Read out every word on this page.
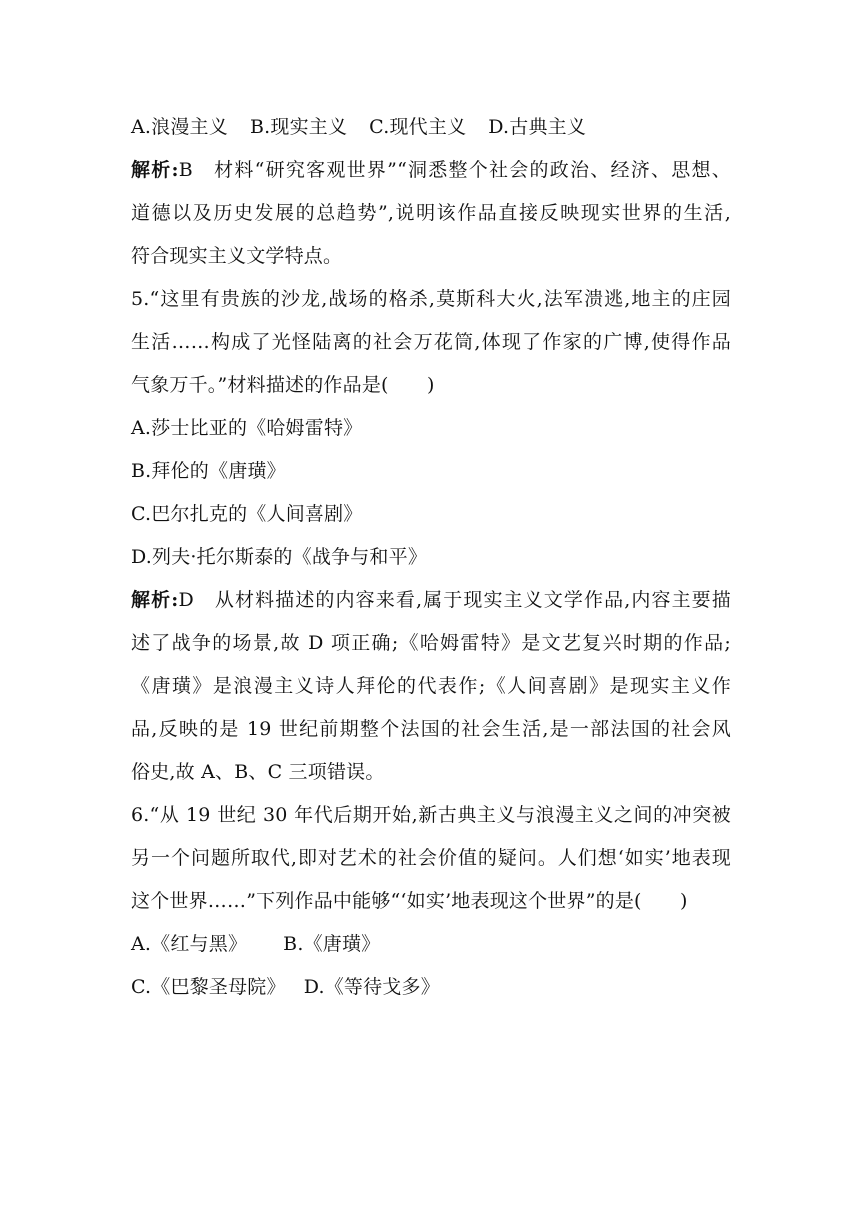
A.浪漫主义 B.现实主义 C.现代主义 D.古典主义
解析:B　材料“研究客观世界”“洞悉整个社会的政治、经济、思想、
道德以及历史发展的总趋势”,说明该作品直接反映现实世界的生活,
符合现实主义文学特点。
5.“这里有贵族的沙龙,战场的格杀,莫斯科大火,法军溃逃,地主的庄园
生活……构成了光怪陆离的社会万花筒,体现了作家的广博,使得作品
气象万千。”材料描述的作品是(　　)
A.莎士比亚的《哈姆雷特》
B.拜伦的《唐璜》
C.巴尔扎克的《人间喜剧》
D.列夫·托尔斯泰的《战争与和平》
解析:D　从材料描述的内容来看,属于现实主义文学作品,内容主要描
述了战争的场景,故 D 项正确;《哈姆雷特》是文艺复兴时期的作品;
《唐璜》是浪漫主义诗人拜伦的代表作;《人间喜剧》是现实主义作
品,反映的是 19 世纪前期整个法国的社会生活,是一部法国的社会风
俗史,故 A、B、C 三项错误。
6.“从 19 世纪 30 年代后期开始,新古典主义与浪漫主义之间的冲突被
另一个问题所取代,即对艺术的社会价值的疑问。人们想‘如实’地表现
这个世界……”下列作品中能够“‘如实’地表现这个世界”的是(　　)
A.《红与黑》 B.《唐璜》
C.《巴黎圣母院》 D.《等待戈多》
